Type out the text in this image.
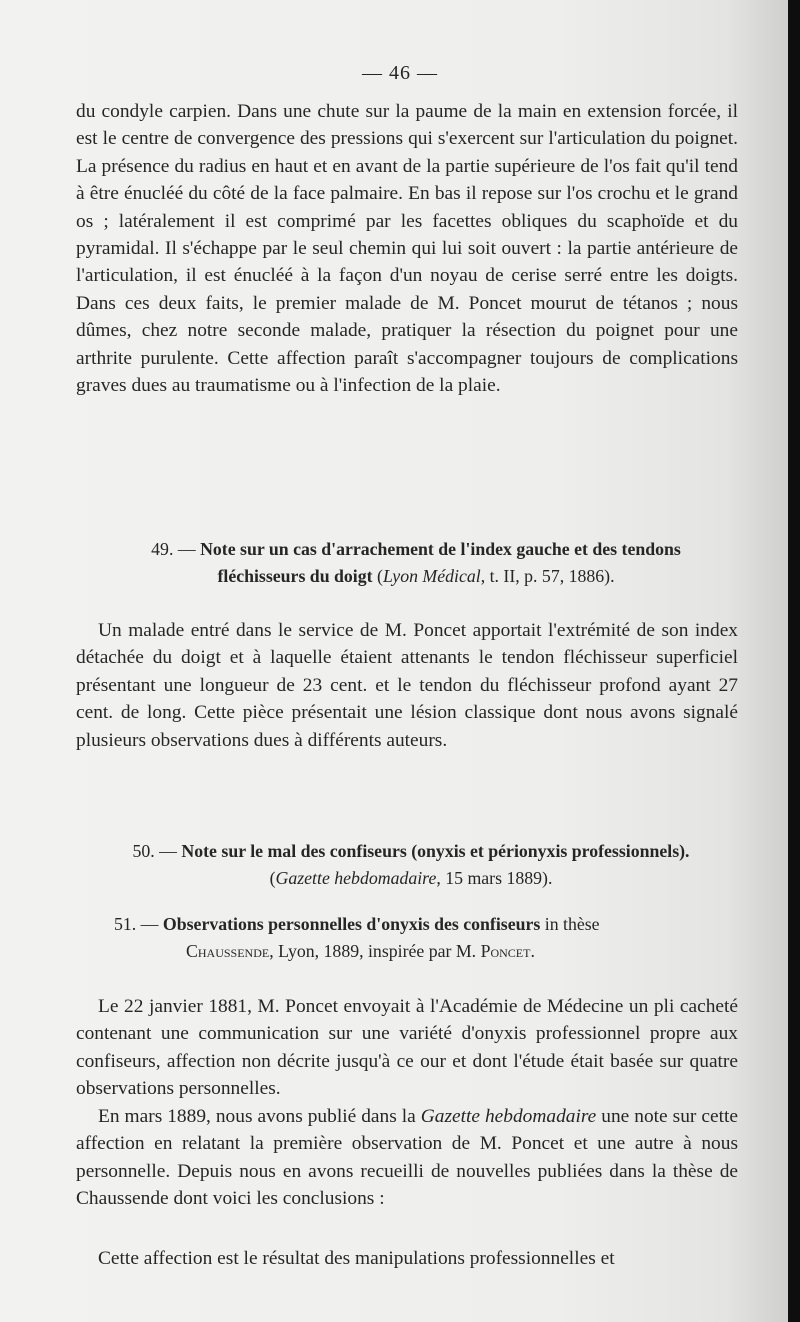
— 46 —

du condyle carpien. Dans une chute sur la paume de la main en extension forcée, il est le centre de convergence des pressions qui s'exercent sur l'articulation du poignet. La présence du radius en haut et en avant de la partie supérieure de l'os fait qu'il tend à être énucléé du côté de la face palmaire. En bas il repose sur l'os crochu et le grand os ; latéralement il est comprimé par les facettes obliques du scaphoïde et du pyramidal. Il s'échappe par le seul chemin qui lui soit ouvert : la partie antérieure de l'articulation, il est énucléé à la façon d'un noyau de cerise serré entre les doigts. Dans ces deux faits, le premier malade de M. Poncet mourut de tétanos ; nous dûmes, chez notre seconde malade, pratiquer la résection du poignet pour une arthrite purulente. Cette affection paraît s'accompagner toujours de complications graves dues au traumatisme ou à l'infection de la plaie.

49. — Note sur un cas d'arrachement de l'index gauche et des tendons
fléchisseurs du doigt (Lyon Médical, t. II, p. 57, 1886).

Un malade entré dans le service de M. Poncet apportait l'extrémité de son index détachée du doigt et à laquelle étaient attenants le tendon fléchisseur superficiel présentant une longueur de 23 cent. et le tendon du fléchisseur profond ayant 27 cent. de long. Cette pièce présentait une lésion classique dont nous avons signalé plusieurs observations dues à différents auteurs.

50. — Note sur le mal des confiseurs (onyxis et périonyxis professionnels).
(Gazette hebdomadaire, 15 mars 1889).

51. — Observations personnelles d'onyxis des confiseurs in thèse
Chaussende, Lyon, 1889, inspirée par M. Poncet.

Le 22 janvier 1881, M. Poncet envoyait à l'Académie de Médecine un pli cacheté contenant une communication sur une variété d'onyxis professionnel propre aux confiseurs, affection non décrite jusqu'à ce our et dont l'étude était basée sur quatre observations personnelles.

En mars 1889, nous avons publié dans la Gazette hebdomadaire une note sur cette affection en relatant la première observation de M. Poncet et une autre à nous personnelle. Depuis nous en avons recueilli de nouvelles publiées dans la thèse de Chaussende dont voici les conclusions :

Cette affection est le résultat des manipulations professionnelles et
